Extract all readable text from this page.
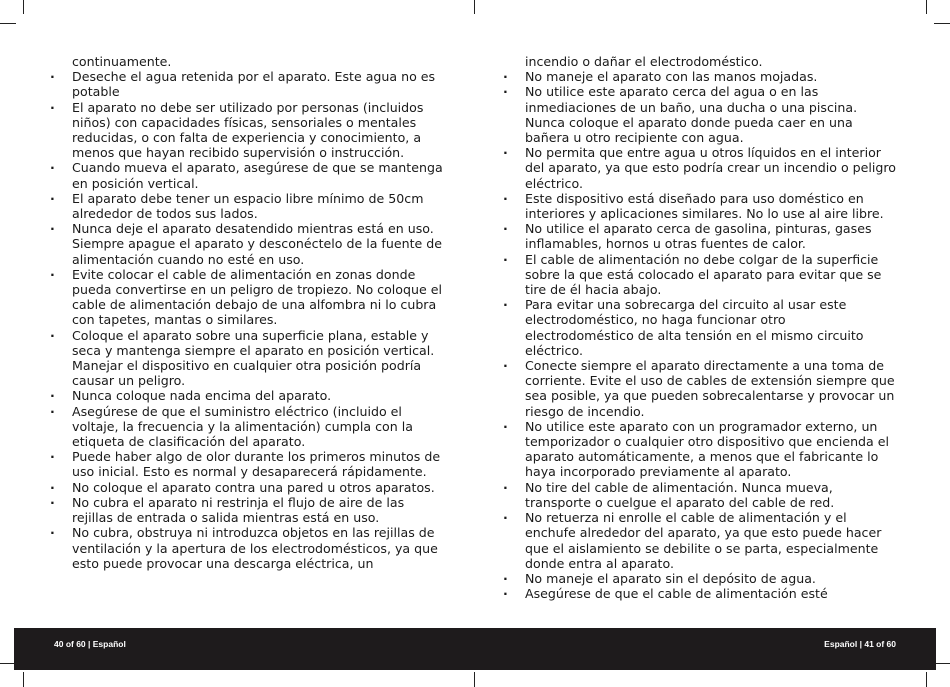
continuamente.

· Deseche el agua retenida por el aparato. Este agua no es potable
· El aparato no debe ser utilizado por personas (incluidos niños) con capacidades físicas, sensoriales o mentales reducidas, o con falta de experiencia y conocimiento, a menos que hayan recibido supervisión o instrucción.
· Cuando mueva el aparato, asegúrese de que se mantenga en posición vertical.
· El aparato debe tener un espacio libre mínimo de 50cm alrededor de todos sus lados.
· Nunca deje el aparato desatendido mientras está en uso. Siempre apague el aparato y desconéctelo de la fuente de alimentación cuando no esté en uso.
· Evite colocar el cable de alimentación en zonas donde pueda convertirse en un peligro de tropiezo. No coloque el cable de alimentación debajo de una alfombra ni lo cubra con tapetes, mantas o similares.
· Coloque el aparato sobre una superficie plana, estable y seca y mantenga siempre el aparato en posición vertical. Manejar el dispositivo en cualquier otra posición podría causar un peligro.
· Nunca coloque nada encima del aparato.
· Asegúrese de que el suministro eléctrico (incluido el voltaje, la frecuencia y la alimentación) cumpla con la etiqueta de clasificación del aparato.
· Puede haber algo de olor durante los primeros minutos de uso inicial. Esto es normal y desaparecerá rápidamente.
· No coloque el aparato contra una pared u otros aparatos.
· No cubra el aparato ni restrinja el flujo de aire de las rejillas de entrada o salida mientras está en uso.
· No cubra, obstruya ni introduzca objetos en las rejillas de ventilación y la apertura de los electrodomésticos, ya que esto puede provocar una descarga eléctrica, un

incendio o dañar el electrodoméstico.

· No maneje el aparato con las manos mojadas.
· No utilice este aparato cerca del agua o en las inmediaciones de un baño, una ducha o una piscina. Nunca coloque el aparato donde pueda caer en una bañera u otro recipiente con agua.
· No permita que entre agua u otros líquidos en el interior del aparato, ya que esto podría crear un incendio o peligro eléctrico.
· Este dispositivo está diseñado para uso doméstico en interiores y aplicaciones similares. No lo use al aire libre.
· No utilice el aparato cerca de gasolina, pinturas, gases inflamables, hornos u otras fuentes de calor.
· El cable de alimentación no debe colgar de la superficie sobre la que está colocado el aparato para evitar que se tire de él hacia abajo.
· Para evitar una sobrecarga del circuito al usar este electrodoméstico, no haga funcionar otro electrodoméstico de alta tensión en el mismo circuito eléctrico.
· Conecte siempre el aparato directamente a una toma de corriente. Evite el uso de cables de extensión siempre que sea posible, ya que pueden sobrecalentarse y provocar un riesgo de incendio.
· No utilice este aparato con un programador externo, un temporizador o cualquier otro dispositivo que encienda el aparato automáticamente, a menos que el fabricante lo haya incorporado previamente al aparato.
· No tire del cable de alimentación. Nunca mueva, transporte o cuelgue el aparato del cable de red.
· No retuerza ni enrolle el cable de alimentación y el enchufe alrededor del aparato, ya que esto puede hacer que el aislamiento se debilite o se parta, especialmente donde entra al aparato.
· No maneje el aparato sin el depósito de agua.
· Asegúrese de que el cable de alimentación esté
40 of 60 | Español	Español | 41 of 60
